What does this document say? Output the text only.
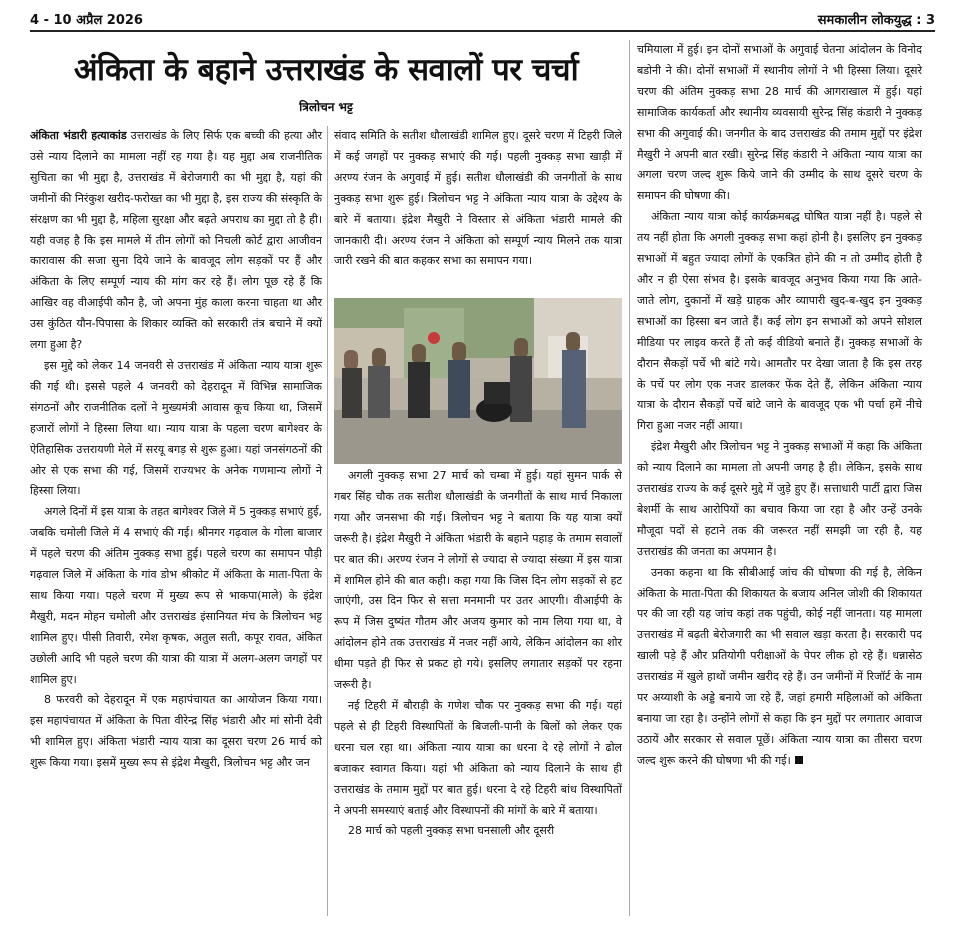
4 - 10 अप्रैल 2026	समकालीन लोकयुद्ध : 3
अंकिता के बहाने उत्तराखंड के सवालों पर चर्चा
त्रिलोचन भट्ट

अंकिता भंडारी हत्याकांड उत्तराखंड के लिए सिर्फ एक बच्ची की हत्या और उसे न्याय दिलाने का मामला नहीं रह गया है। यह मुद्दा अब राजनीतिक सुचिता का भी मुद्दा है, उत्तराखंड में बेरोजगारी का भी मुद्दा है, यहां की जमीनों की निरंकुश खरीद-फरोख्त का भी मुद्दा है, इस राज्य की संस्कृति के संरक्षण का भी मुद्दा है, महिला सुरक्षा और बढ़ते अपराध का मुद्दा तो है ही। यही वजह है कि इस मामले में तीन लोगों को निचली कोर्ट द्वारा आजीवन कारावास की सजा सुना दिये जाने के बावजूद लोग सड़कों पर हैं और अंकिता के लिए सम्पूर्ण न्याय की मांग कर रहे हैं। लोग पूछ रहे हैं कि आखिर वह वीआईपी कौन है, जो अपना मुंह काला करना चाहता था और उस कुंठित यौन-पिपासा के शिकार व्यक्ति को सरकारी तंत्र बचाने में क्यों लगा हुआ है?

इस मुद्दे को लेकर 14 जनवरी से उत्तराखंड में अंकिता न्याय यात्रा शुरू की गई थी। इससे पहले 4 जनवरी को देहरादून में विभिन्न सामाजिक संगठनों और राजनीतिक दलों ने मुख्यमंत्री आवास कूच किया था, जिसमें हजारों लोगों ने हिस्सा लिया था। न्याय यात्रा के पहला चरण बागेश्वर के ऐतिहासिक उत्तरायणी मेले में सरयू बगड़ से शुरू हुआ। यहां जनसंगठनों की ओर से एक सभा की गई, जिसमें राज्यभर के अनेक गणमान्य लोगों ने हिस्सा लिया।

अगले दिनों में इस यात्रा के तहत बागेश्वर जिले में 5 नुक्कड़ सभाएं हुई, जबकि चमोली जिले में 4 सभाएं की गई। श्रीनगर गढ़वाल के गोला बाजार में पहले चरण की अंतिम नुक्कड़ सभा हुई। पहले चरण का समापन पौड़ी गढ़वाल जिले में अंकिता के गांव डोभ श्रीकोट में अंकिता के माता-पिता के साथ किया गया। पहले चरण में मुख्य रूप से भाकपा(माले) के इंद्रेश मैखुरी, मदन मोहन चमोली और उत्तराखंड इंसानियत मंच के त्रिलोचन भट्ट शामिल हुए। पीसी तिवारी, रमेश कृषक, अतुल सती, कपूर रावत, अंकित उछोली आदि भी पहले चरण की यात्रा की यात्रा में अलग-अलग जगहों पर शामिल हुए।

8 फरवरी को देहरादून में एक महापंचायत का आयोजन किया गया। इस महापंचायत में अंकिता के पिता वीरेन्द्र सिंह भंडारी और मां सोनी देवी भी शामिल हुए। अंकिता भंडारी न्याय यात्रा का दूसरा चरण 26 मार्च को शुरू किया गया। इसमें मुख्य रूप से इंद्रेश मैखुरी, त्रिलोचन भट्ट और जन

संवाद समिति के सतीश धौलाखंडी शामिल हुए। दूसरे चरण में टिहरी जिले में कई जगहों पर नुक्कड़ सभाएं की गई। पहली नुक्कड़ सभा खाड़ी में अरण्य रंजन के अगुवाई में हुई। सतीश धौलाखंडी की जनगीतों के साथ नुक्कड़ सभा शुरू हुई। त्रिलोचन भट्ट ने अंकिता न्याय यात्रा के उद्देश्य के बारे में बताया। इंद्रेश मैखुरी ने विस्तार से अंकिता भंडारी मामले की जानकारी दी। अरण्य रंजन ने अंकिता को सम्पूर्ण न्याय मिलने तक यात्रा जारी रखने की बात कहकर सभा का समापन गया।

अगली नुक्कड़ सभा 27 मार्च को चम्बा में हुई। यहां सुमन पार्क से गबर सिंह चौक तक सतीश धौलाखंडी के जनगीतों के साथ मार्च निकाला गया और जनसभा की गई। त्रिलोचन भट्ट ने बताया कि यह यात्रा क्यों जरूरी है। इंद्रेश मैखुरी ने अंकिता भंडारी के बहाने पहाड़ के तमाम सवालों पर बात की। अरण्य रंजन ने लोगों से ज्यादा से ज्यादा संख्या में इस यात्रा में शामिल होने की बात कही। कहा गया कि जिस दिन लोग सड़कों से हट जाएंगी, उस दिन फिर से सत्ता मनमानी पर उतर आएगी। वीआईपी के रूप में जिस दुष्यंत गौतम और अजय कुमार को नाम लिया गया था, वे आंदोलन होने तक उत्तराखंड में नजर नहीं आये, लेकिन आंदोलन का शोर धीमा पड़ते ही फिर से प्रकट हो गये। इसलिए लगातार सड़कों पर रहना जरूरी है।

नई टिहरी में बौराड़ी के गणेश चौक पर नुक्कड़ सभा की गई। यहां पहले से ही टिहरी विस्थापितों के बिजली-पानी के बिलों को लेकर एक धरना चल रहा था। अंकिता न्याय यात्रा का धरना दे रहे लोगों ने ढोल बजाकर स्वागत किया। यहां भी अंकिता को न्याय दिलाने के साथ ही उत्तराखंड के तमाम मुद्दों पर बात हुई। धरना दे रहे टिहरी बांध विस्थापितों ने अपनी समस्याएं बताई और विस्थापनों की मांगों के बारे में बताया।

28 मार्च को पहली नुक्कड़ सभा घनसाली और दूसरी

चमियाला में हुई। इन दोनों सभाओं के अगुवाई चेतना आंदोलन के विनोद बडोनी ने की। दोनों सभाओं में स्थानीय लोगों ने भी हिस्सा लिया। दूसरे चरण की अंतिम नुक्कड़ सभा 28 मार्च की आगराखाल में हुई। यहां सामाजिक कार्यकर्ता और स्थानीय व्यवसायी सुरेन्द्र सिंह कंडारी ने नुक्कड़ सभा की अगुवाई की। जनगीत के बाद उत्तराखंड की तमाम मुद्दों पर इंद्रेश मैखुरी ने अपनी बात रखी। सुरेन्द्र सिंह कंडारी ने अंकिता न्याय यात्रा का अगला चरण जल्द शुरू किये जाने की उम्मीद के साथ दूसरे चरण के समापन की घोषणा की।

अंकिता न्याय यात्रा कोई कार्यक्रमबद्ध घोषित यात्रा नहीं है। पहले से तय नहीं होता कि अगली नुक्कड़ सभा कहां होनी है। इसलिए इन नुक्कड़ सभाओं में बहुत ज्यादा लोगों के एकत्रित होने की न तो उम्मीद होती है और न ही ऐसा संभव है। इसके बावजूद अनुभव किया गया कि आते-जाते लोग, दुकानों में खड़े ग्राहक और व्यापारी खुद-ब-खुद इन नुक्कड़ सभाओं का हिस्सा बन जाते हैं। कई लोग इन सभाओं को अपने सोशल मीडिया पर लाइव करते हैं तो कई वीडियो बनाते हैं। नुक्कड़ सभाओं के दौरान सैकड़ों पर्चे भी बांटे गये। आमतौर पर देखा जाता है कि इस तरह के पर्चे पर लोग एक नजर डालकर फेंक देते हैं, लेकिन अंकिता न्याय यात्रा के दौरान सैकड़ों पर्चे बांटे जाने के बावजूद एक भी पर्चा हमें नीचे गिरा हुआ नजर नहीं आया।

इंद्रेश मैखुरी और त्रिलोचन भट्ट ने नुक्कड़ सभाओं में कहा कि अंकिता को न्याय दिलाने का मामला तो अपनी जगह है ही। लेकिन, इसके साथ उत्तराखंड राज्य के कई दूसरे मुद्दे में जुड़े हुए हैं। सत्ताधारी पार्टी द्वारा जिस बेशर्मी के साथ आरोपियों का बचाव किया जा रहा है और उन्हें उनके मौजूदा पदों से हटाने तक की जरूरत नहीं समझी जा रही है, यह उत्तराखंड की जनता का अपमान है।

उनका कहना था कि सीबीआई जांच की घोषणा की गई है, लेकिन अंकिता के माता-पिता की शिकायत के बजाय अनिल जोशी की शिकायत पर की जा रही यह जांच कहां तक पहुंची, कोई नहीं जानता। यह मामला उत्तराखंड में बढ़ती बेरोजगारी का भी सवाल खड़ा करता है। सरकारी पद खाली पड़े हैं और प्रतियोगी परीक्षाओं के पेपर लीक हो रहे हैं। धन्नासेठ उत्तराखंड में खुले हाथों जमीन खरीद रहे हैं। उन जमीनों में रिजॉर्ट के नाम पर अय्याशी के अड्डे बनाये जा रहे हैं, जहां हमारी महिलाओं को अंकिता बनाया जा रहा है। उन्होंने लोगों से कहा कि इन मुद्दों पर लगातार आवाज उठायें और सरकार से सवाल पूछें। अंकिता न्याय यात्रा का तीसरा चरण जल्द शुरू करने की घोषणा भी की गई।
